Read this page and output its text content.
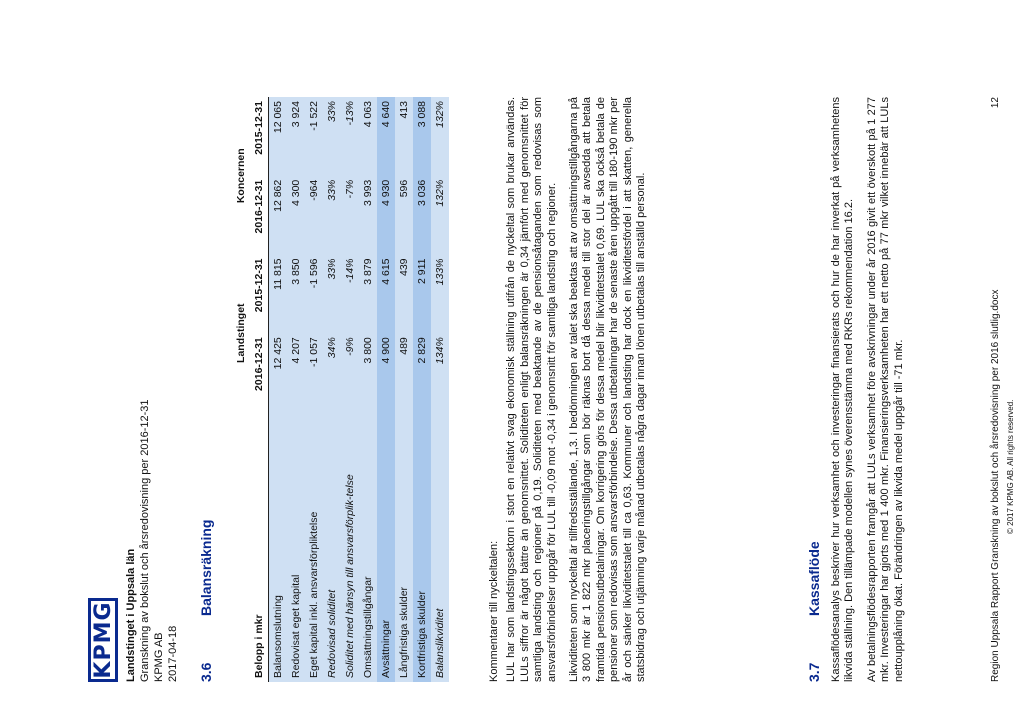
KPMG Landstinget i Uppsala län Granskning av bokslut och årsredovisning per 2016-12-31 KPMG AB 2017-04-18 3.6
Balansräkning
	Landstinget		Koncernen	
Belopp i mkr	2016-12-31	2015-12-31	2016-12-31	2015-12-31
Balansomslutning	12 425	11 815	12 862	12 065
Redovisat eget kapital	4 207	3 850	4 300	3 924
Eget kapital inkl. ansvarsförpliktelse	-1 057	-1 596	-964	-1 522
Redovisad soliditet	34%	33%	33%	33%
Soliditet med hänsyn till ansvarsförplik-telse	-9%	-14%	-7%	-13%
Omsättningstillgångar	3 800	3 879	3 993	4 063
Avsättningar	4 900	4 615	4 930	4 640
Långfristiga skulder	489	439	596	413
Kortfristiga skulder	2 829	2 911	3 036	3 088
Balanslikviditet	134%	133%	132%	132%

Kommentarer till nyckeltalen: LUL har som landstingssektorn i stort en relativt svag ekonomisk ställning utifrån de nyckeltal som brukar användas. LULs siffror är något bättre än genomsnittet. Soliditeten enligt balansräkningen är 0,34 jämfört med genomsnittet för samtliga landsting och regioner på 0,19. Soliditeten med beaktande av de pensionsåtaganden som redovisas som ansvarsförbindelser uppgår för LUL till -0,09 mot -0,34 i genomsnitt för samtliga landsting och regioner. Likviditeten som nyckeltal är tillfredsställande, 1,3. I bedömningen av talet ska beaktas att av omsättningstillgångarna på 3 800 mkr är 1 822 mkr placeringstillgångar som bör räknas bort då dessa medel till stor del är avsedda att betala framtida pensionsutbetalningar. Om korrigering görs för dessa medel blir likviditetstalet 0,69. LUL ska också betala de pensioner som redovisas som ansvarsförbindelse. Dessa utbetalningar har de senaste åren uppgått till 180-190 mkr per år och sänker likviditetstalet till ca 0,63. Kommuner och landsting har dock en likviditetsfördel i att skatten, generella statsbidrag och utjämning varje månad utbetalas några dagar innan lönen utbetalas till anställd personal.	3.7
Kassaflöde Kassaflödesanalys beskriver hur verksamhet och investeringar finansierats och hur de har inverkat på verksamhetens likvida ställning. Den tillämpade modellen synes överensstämma med RKRs rekommendation 16.2. Av betalningsflödesrapporten framgår att LULs verksamhet före avskrivningar under år 2016 givit ett överskott på 1 277 mkr. Investeringar har gjorts med 1 400 mkr. Finansieringsverksamheten har ett netto på 77 mkr vilket innebär att LULs nettoupplåning ökat. Förändringen av likvida medel uppgår till -71 mkr.	Region Uppsala Rapport Granskning av bokslut och årsredovisning per 2016 slutlig.docx
12
© 2017 KPMG AB. All rights reserved.
